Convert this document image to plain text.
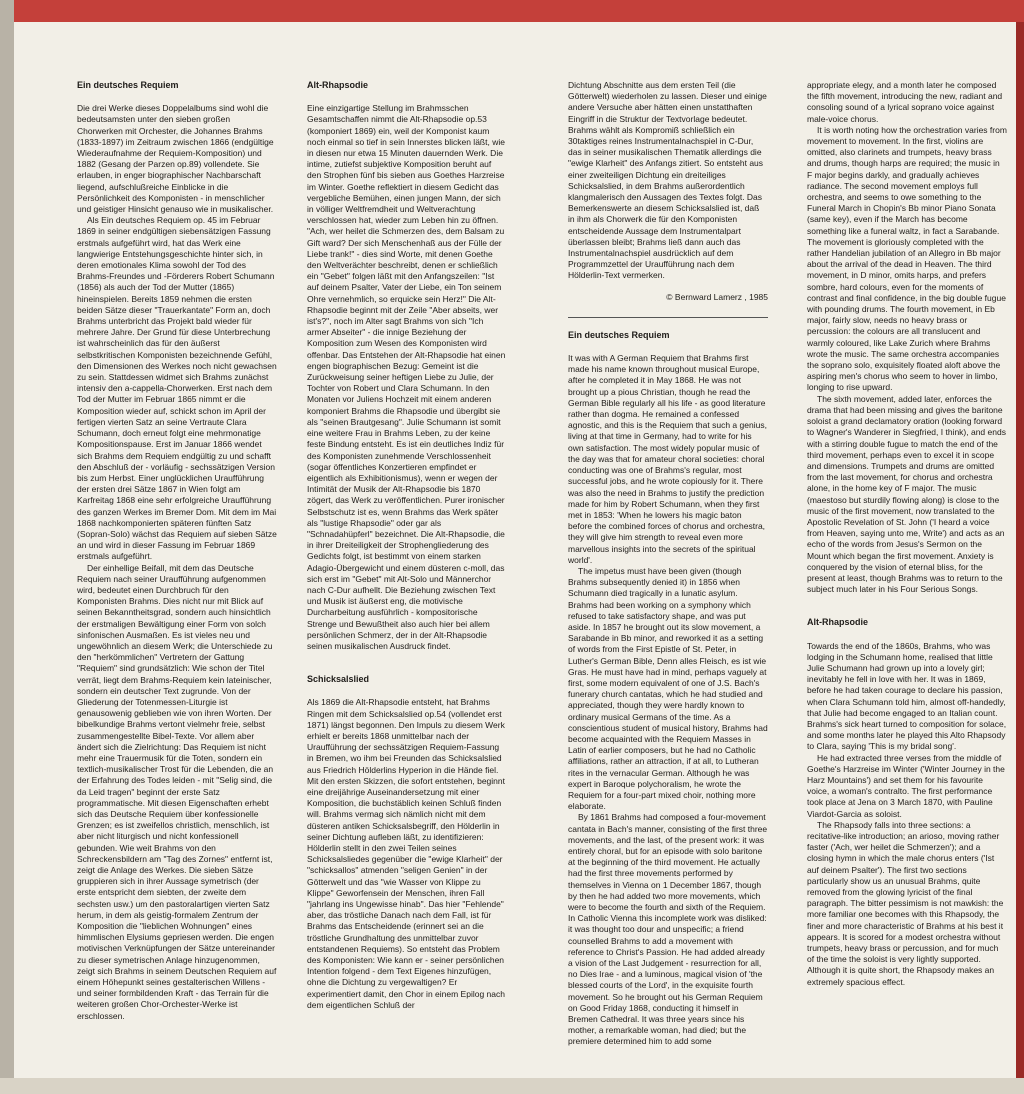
Ein deutsches Requiem

Die drei Werke dieses Doppelalbums sind wohl die bedeutsamsten unter den sieben großen Chorwerken mit Orchester, die Johannes Brahms (1833-1897) im Zeitraum zwischen 1866 (endgültige Wiederaufnahme der Requiem-Komposition) und 1882 (Gesang der Parzen op.89) vollendete. Sie erlauben, in enger biographischer Nachbarschaft liegend, aufschlußreiche Einblicke in die Persönlichkeit des Komponisten - in menschlicher und geistiger Hinsicht genauso wie in musikalischer.

Als Ein deutsches Requiem op. 45 im Februar 1869 in seiner endgültigen siebensätzigen Fassung erstmals aufgeführt wird, hat das Werk eine langwierige Entstehungsgeschichte hinter sich, in deren emotionales Klima sowohl der Tod des Brahms-Freundes und -Förderers Robert Schumann (1856) als auch der Tod der Mutter (1865) hineinspielen. Bereits 1859 nehmen die ersten beiden Sätze dieser "Trauerkantate" Form an, doch Brahms unterbricht das Projekt bald wieder für mehrere Jahre. Der Grund für diese Unterbrechung ist wahrscheinlich das für den äußerst selbstkritischen Komponisten bezeichnende Gefühl, den Dimensionen des Werkes noch nicht gewachsen zu sein. Stattdessen widmet sich Brahms zunächst intensiv den a-cappella-Chorwerken. Erst nach dem Tod der Mutter im Februar 1865 nimmt er die Komposition wieder auf, schickt schon im April der fertigen vierten Satz an seine Vertraute Clara Schumann, doch erneut folgt eine mehrmonatige Kompositionspause. Erst im Januar 1866 wendet sich Brahms dem Requiem endgültig zu und schafft den Abschluß der - vorläufig - sechssätzigen Version bis zum Herbst. Einer unglücklichen Uraufführung der ersten drei Sätze 1867 in Wien folgt am Karfreitag 1868 eine sehr erfolgreiche Uraufführung des ganzen Werkes im Bremer Dom. Mit dem im Mai 1868 nachkomponierten späteren fünften Satz (Sopran-Solo) wächst das Requiem auf sieben Sätze an und wird in dieser Fassung im Februar 1869 erstmals aufgeführt.

Der einhellige Beifall, mit dem das Deutsche Requiem nach seiner Uraufführung aufgenommen wird, bedeutet einen Durchbruch für den Komponisten Brahms. Dies nicht nur mit Blick auf seinen Bekanntheitsgrad, sondern auch hinsichtlich der erstmaligen Bewältigung einer Form von solch sinfonischen Ausmaßen. Es ist vieles neu und ungewöhnlich an diesem Werk; die Unterschiede zu den "herkömmlichen" Vertretern der Gattung "Requiem" sind grundsätzlich: Wie schon der Titel verrät, liegt dem Brahms-Requiem kein lateinischer, sondern ein deutscher Text zugrunde. Von der Gliederung der Totenmessen-Liturgie ist genausowenig geblieben wie von ihren Worten. Der bibelkundige Brahms vertont vielmehr freie, selbst zusammengestellte Bibel-Texte. Vor allem aber ändert sich die Zielrichtung: Das Requiem ist nicht mehr eine Trauermusik für die Toten, sondern ein textlich-musikalischer Trost für die Lebenden, die an der Erfahrung des Todes leiden - mit "Selig sind, die da Leid tragen" beginnt der erste Satz programmatische. Mit diesen Eigenschaften erhebt sich das Deutsche Requiem über konfessionelle Grenzen; es ist zweifellos christlich, menschlich, ist aber nicht liturgisch und nicht konfessionell gebunden. Wie weit Brahms von den Schreckensbildern am "Tag des Zornes" entfernt ist, zeigt die Anlage des Werkes. Die sieben Sätze gruppieren sich in ihrer Aussage symetrisch (der erste entspricht dem siebten, der zweite dem sechsten usw.) um den pastoralartigen vierten Satz herum, in dem als geistig-formalem Zentrum der Komposition die "lieblichen Wohnungen" eines himmlischen Elysiums gepriesen werden. Die engen motivischen Verknüpfungen der Sätze untereinander zu dieser symetrischen Anlage hinzugenommen, zeigt sich Brahms in seinem Deutschen Requiem auf einem Höhepunkt seines gestalterischen Willens - und seiner formbildenden Kraft - das Terrain für die weiteren großen Chor-Orchester-Werke ist erschlossen.

Alt-Rhapsodie

Eine einzigartige Stellung im Brahmsschen Gesamtschaffen nimmt die Alt-Rhapsodie op.53 (komponiert 1869) ein, weil der Komponist kaum noch einmal so tief in sein Innerstes blicken läßt, wie in diesen nur etwa 15 Minuten dauernden Werk. Die intime, zutiefst subjektive Komposition beruht auf den Strophen fünf bis sieben aus Goethes Harzreise im Winter. Goethe reflektiert in diesem Gedicht das vergebliche Bemühen, einen jungen Mann, der sich in völliger Weltfremdheit und Weltverachtung verschlossen hat, wieder zum Leben hin zu öffnen. "Ach, wer heilet die Schmerzen des, dem Balsam zu Gift ward? Der sich Menschenhaß aus der Fülle der Liebe trank!" - dies sind Worte, mit denen Goethe den Weltverächter beschreibt, denen er schließlich ein "Gebet" folgen läßt mit den Anfangszeilen: "Ist auf deinem Psalter, Vater der Liebe, ein Ton seinem Ohre vernehmlich, so erquicke sein Herz!" Die Alt-Rhapsodie beginnt mit der Zeile "Aber abseits, wer ist's?", noch im Alter sagt Brahms von sich "Ich armer Abseiter" - die innige Beziehung der Komposition zum Wesen des Komponisten wird offenbar. Das Entstehen der Alt-Rhapsodie hat einen engen biographischen Bezug: Gemeint ist die Zurückweisung seiner heftigen Liebe zu Julie, der Tochter von Robert und Clara Schumann. In den Monaten vor Juliens Hochzeit mit einem anderen komponiert Brahms die Rhapsodie und übergibt sie als "seinen Brautgesang". Julie Schumann ist somit eine weitere Frau in Brahms Leben, zu der keine feste Bindung entsteht. Es ist ein deutliches Indiz für des Komponisten zunehmende Verschlossenheit (sogar öffentliches Konzertieren empfindet er eigentlich als Exhibitionismus), wenn er wegen der Intimität der Musik der Alt-Rhapsodie bis 1870 zögert, das Werk zu veröffentlichen. Purer ironischer Selbstschutz ist es, wenn Brahms das Werk später als "lustige Rhapsodie" oder gar als "Schnadahüpferl" bezeichnet. Die Alt-Rhapsodie, die in ihrer Dreiteiligkeit der Strophengliederung des Gedichts folgt, ist bestimmt von einem starken Adagio-Übergewicht und einem düsteren c-moll, das sich erst im "Gebet" mit Alt-Solo und Männerchor nach C-Dur aufhellt. Die Beziehung zwischen Text und Musik ist äußerst eng, die motivische Durcharbeitung ausführlich - kompositorische Strenge und Bewußtheit also auch hier bei allem persönlichen Schmerz, der in der Alt-Rhapsodie seinen musikalischen Ausdruck findet.

Schicksalslied

Als 1869 die Alt-Rhapsodie entsteht, hat Brahms Ringen mit dem Schicksalslied op.54 (vollendet erst 1871) längst begonnen. Den Impuls zu diesem Werk erhielt er bereits 1868 unmittelbar nach der Uraufführung der sechssätzigen Requiem-Fassung in Bremen, wo ihm bei Freunden das Schicksalslied aus Friedrich Hölderlins Hyperion in die Hände fiel. Mit den ersten Skizzen, die sofort entstehen, beginnt eine dreijährige Auseinandersetzung mit einer Komposition, die buchstäblich keinen Schluß finden will. Brahms vermag sich nämlich nicht mit dem düsteren antiken Schicksalsbegriff, den Hölderlin in seiner Dichtung aufleben läßt, zu identifizieren: Hölderlin stellt in den zwei Teilen seines Schicksalsliedes gegenüber die "ewige Klarheit" der "schicksallos" atmenden "seligen Genien" in der Götterwelt und das "wie Wasser von Klippe zu Klippe" Geworfensein der Menschen, ihren Fall "jahrlang ins Ungewisse hinab". Das hier "Fehlende" aber, das tröstliche Danach nach dem Fall, ist für Brahms das Entscheidende (erinnert sei an die tröstliche Grundhaltung des unmittelbar zuvor entstandenen Requiems). So entsteht das Problem des Komponisten: Wie kann er - seiner persönlichen Intention folgend - dem Text Eigenes hinzufügen, ohne die Dichtung zu vergewaltigen? Er experimentiert damit, den Chor in einem Epilog nach dem eigentlichen Schluß der

Dichtung Abschnitte aus dem ersten Teil (die Götterwelt) wiederholen zu lassen. Dieser und einige andere Versuche aber hätten einen unstatthaften Eingriff in die Struktur der Textvorlage bedeutet. Brahms wählt als Kompromiß schließlich ein 30taktiges reines Instrumentalnachspiel in C-Dur, das in seiner musikalischen Thematik allerdings die "ewige Klarheit" des Anfangs zitiert. So entsteht aus einer zweiteiligen Dichtung ein dreiteiliges Schicksalslied, in dem Brahms außerordentlich klangmalerisch den Aussagen des Textes folgt. Das Bemerkenswerte an diesem Schicksalslied ist, daß in ihm als Chorwerk die für den Komponisten entscheidende Aussage dem Instrumentalpart überlassen bleibt; Brahms ließ dann auch das Instrumentalnachspiel ausdrücklich auf dem Programmzettel der Uraufführung nach dem Hölderlin-Text vermerken.

© Bernward Lamerz , 1985

Ein deutsches Requiem

It was with A German Requiem that Brahms first made his name known throughout musical Europe, after he completed it in May 1868. He was not brought up a pious Christian, though he read the German Bible regularly all his life - as good literature rather than dogma. He remained a confessed agnostic, and this is the Requiem that such a genius, living at that time in Germany, had to write for his own satisfaction. The most widely popular music of the day was that for amateur choral societies: choral conducting was one of Brahms's regular, most successful jobs, and he wrote copiously for it. There was also the need in Brahms to justify the prediction made for him by Robert Schumann, when they first met in 1853: 'When he lowers his magic baton before the combined forces of chorus and orchestra, they will give him strength to reveal even more marvellous insights into the secrets of the spiritual world'.

The impetus must have been given (though Brahms subsequently denied it) in 1856 when Schumann died tragically in a lunatic asylum. Brahms had been working on a symphony which refused to take satisfactory shape, and was put aside. In 1857 he brought out its slow movement, a Sarabande in Bb minor, and reworked it as a setting of words from the First Epistle of St. Peter, in Luther's German Bible, Denn alles Fleisch, es ist wie Gras. He must have had in mind, perhaps vaguely at first, some modern equivalent of one of J.S. Bach's funerary church cantatas, which he had studied and appreciated, though they were hardly known to ordinary musical Germans of the time. As a conscientious student of musical history, Brahms had become acquainted with the Requiem Masses in Latin of earlier composers, but he had no Catholic affiliations, rather an attraction, if at all, to Lutheran rites in the vernacular German. Although he was expert in Baroque polychoralism, he wrote the Requiem for a four-part mixed choir, nothing more elaborate.

By 1861 Brahms had composed a four-movement cantata in Bach's manner, consisting of the first three movements, and the last, of the present work: it was entirely choral, but for an episode with solo baritone at the beginning of the third movement. He actually had the first three movements performed by themselves in Vienna on 1 December 1867, though by then he had added two more movements, which were to become the fourth and sixth of the Requiem. In Catholic Vienna this incomplete work was disliked: it was thought too dour and unspecific; a friend counselled Brahms to add a movement with reference to Christ's Passion. He had added already a vision of the Last Judgement - resurrection for all, no Dies Irae - and a luminous, magical vision of 'the blessed courts of the Lord', in the exquisite fourth movement. So he brought out his German Requiem on Good Friday 1868, conducting it himself in Bremen Cathedral. It was three years since his mother, a remarkable woman, had died; but the premiere determined him to add some

appropriate elegy, and a month later he composed the fifth movement, introducing the new, radiant and consoling sound of a lyrical soprano voice against male-voice chorus.

It is worth noting how the orchestration varies from movement to movement. In the first, violins are omitted, also clarinets and trumpets, heavy brass and drums, though harps are required; the music in F major begins darkly, and gradually achieves radiance. The second movement employs full orchestra, and seems to owe something to the Funeral March in Chopin's Bb minor Piano Sonata (same key), even if the March has become something like a funeral waltz, in fact a Sarabande. The movement is gloriously completed with the rather Handelian jubilation of an Allegro in Bb major about the arrival of the dead in Heaven. The third movement, in D minor, omits harps, and prefers sombre, hard colours, even for the moments of contrast and final confidence, in the big double fugue with pounding drums. The fourth movement, in Eb major, fairly slow, needs no heavy brass or percussion: the colours are all translucent and warmly coloured, like Lake Zurich where Brahms wrote the music. The same orchestra accompanies the soprano solo, exquisitely floated aloft above the aspiring men's chorus who seem to hover in limbo, longing to rise upward.

The sixth movement, added later, enforces the drama that had been missing and gives the baritone soloist a grand declamatory oration (looking forward to Wagner's Wanderer in Siegfried, I think), and ends with a stirring double fugue to match the end of the third movement, perhaps even to excel it in scope and dimensions. Trumpets and drums are omitted from the last movement, for chorus and orchestra alone, in the home key of F major. The music (maestoso but sturdily flowing along) is close to the music of the first movement, now translated to the Apostolic Revelation of St. John ('I heard a voice from Heaven, saying unto me, Write') and acts as an echo of the words from Jesus's Sermon on the Mount which began the first movement. Anxiety is conquered by the vision of eternal bliss, for the present at least, though Brahms was to return to the subject much later in his Four Serious Songs.

Alt-Rhapsodie

Towards the end of the 1860s, Brahms, who was lodging in the Schumann home, realised that little Julie Schumann had grown up into a lovely girl; inevitably he fell in love with her. It was in 1869, before he had taken courage to declare his passion, when Clara Schumann told him, almost off-handedly, that Julie had become engaged to an Italian count. Brahms's sick heart turned to composition for solace, and some months later he played this Alto Rhapsody to Clara, saying 'This is my bridal song'.

He had extracted three verses from the middle of Goethe's Harzreise im Winter ('Winter Journey in the Harz Mountains') and set them for his favourite voice, a woman's contralto. The first performance took place at Jena on 3 March 1870, with Pauline Viardot-Garcia as soloist.

The Rhapsody falls into three sections: a recitative-like introduction; an arioso, moving rather faster ('Ach, wer heilet die Schmerzen'); and a closing hymn in which the male chorus enters ('Ist auf deinem Psalter'). The first two sections particularly show us an unusual Brahms, quite removed from the glowing lyricist of the final paragraph. The bitter pessimism is not mawkish: the more familiar one becomes with this Rhapsody, the finer and more characteristic of Brahms at his best it appears. It is scored for a modest orchestra without trumpets, heavy brass or percussion, and for much of the time the soloist is very lightly supported. Although it is quite short, the Rhapsody makes an extremely spacious effect.
